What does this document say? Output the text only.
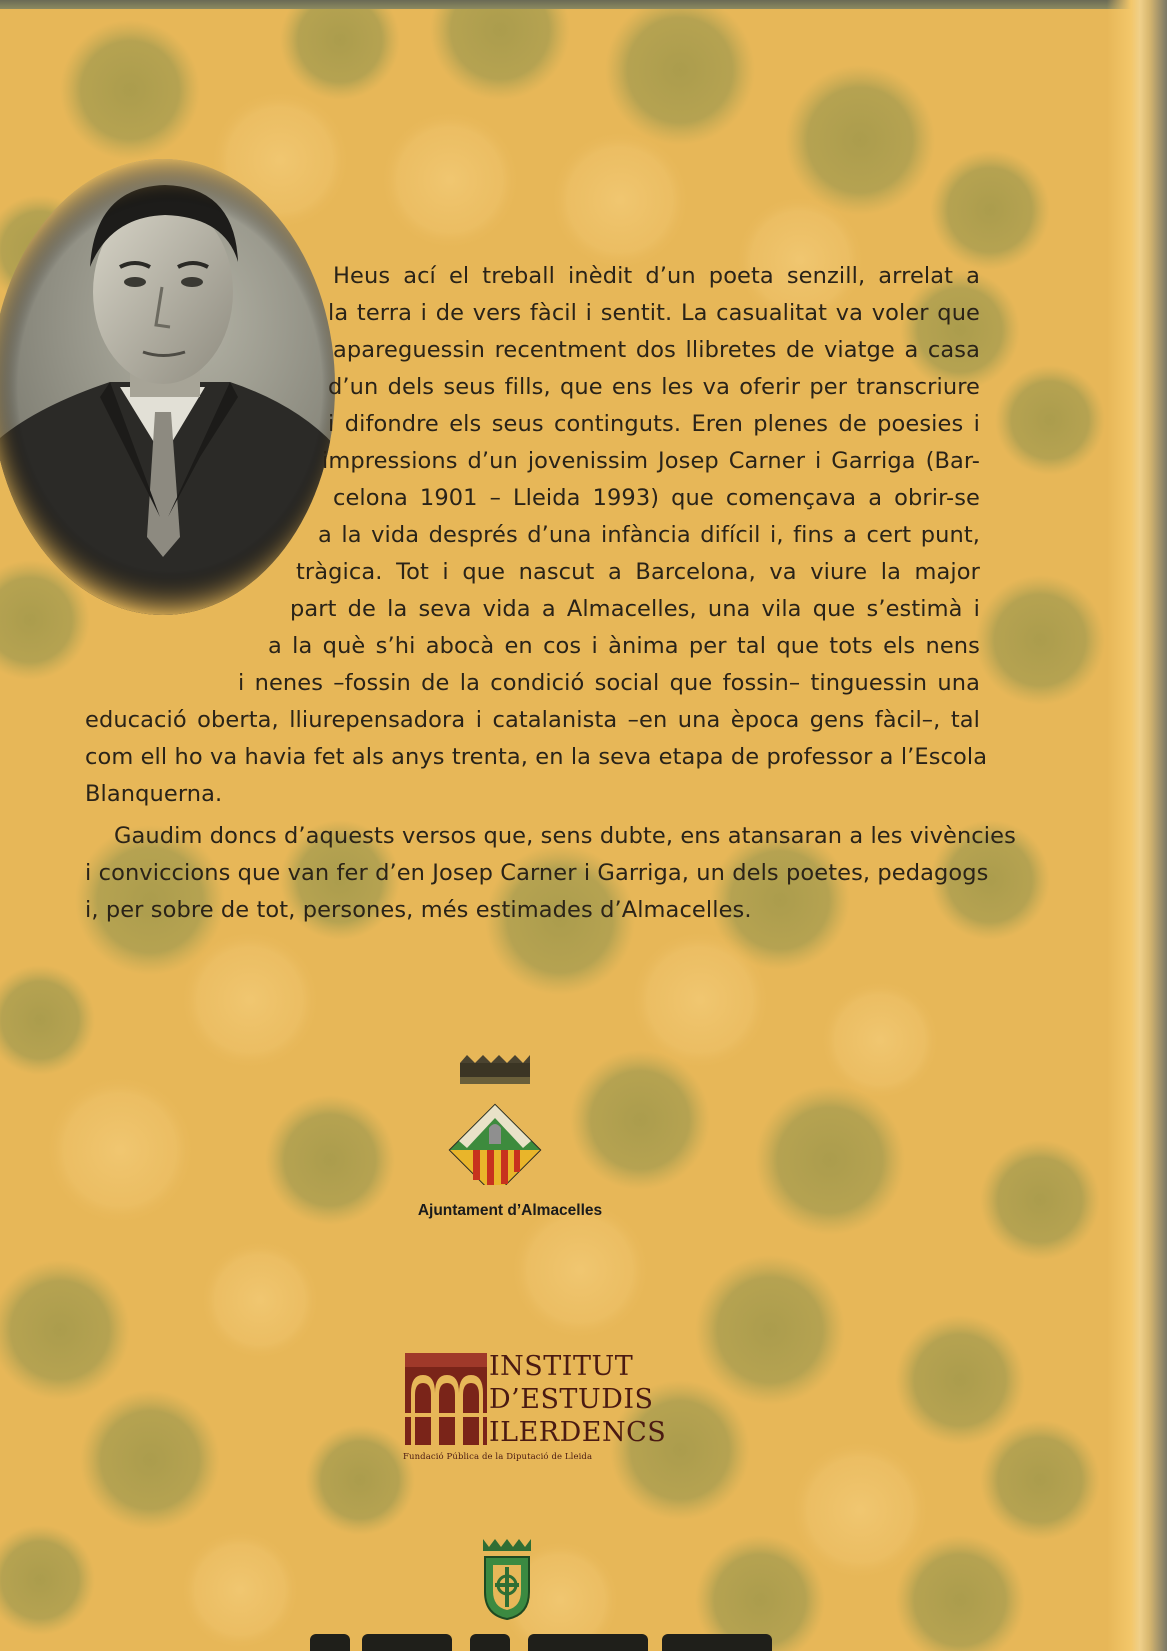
Heus ací el treball inèdit d’un poeta senzill, arrelat a
la terra i de vers fàcil i sentit. La casualitat va voler que
apareguessin recentment dos llibretes de viatge a casa
d’un dels seus fills, que ens les va oferir per transcriure
i difondre els seus continguts. Eren plenes de poesies i
impressions d’un jovenissim Josep Carner i Garriga (Bar-
celona 1901 – Lleida 1993) que començava a obrir-se
a la vida després d’una infància difícil i, fins a cert punt,
tràgica. Tot i que nascut a Barcelona, va viure la major
part de la seva vida a Almacelles, una vila que s’estimà i
a la què s’hi abocà en cos i ànima per tal que tots els nens
i nenes –fossin de la condició social que fossin– tinguessin una
educació oberta, lliurepensadora i catalanista –en una època gens fàcil–, tal
com ell ho va havia fet als anys trenta, en la seva etapa de professor a l’Escola
Blanquerna.
Gaudim doncs d’aquests versos que, sens dubte, ens atansaran a les vivències
i conviccions que van fer d’en Josep Carner i Garriga, un dels poetes, pedagogs
i, per sobre de tot, persones, més estimades d’Almacelles.
Ajuntament d’Almacelles
INSTITUT
D’ESTUDIS
ILERDENCS
Fundació Pública de la Diputació de Lleida
